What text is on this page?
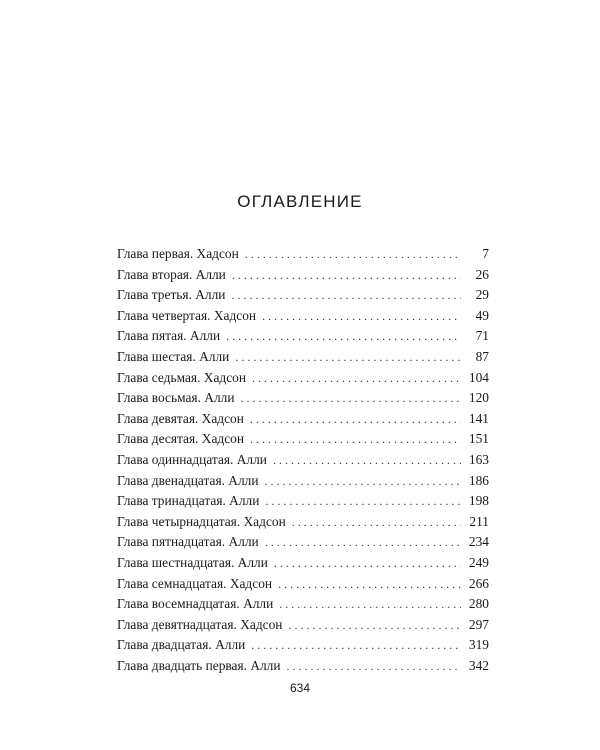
ОГЛАВЛЕНИЕ
Глава первая. Хадсон . . .	7
Глава вторая. Алли . . .	26
Глава третья. Алли . . .	29
Глава четвертая. Хадсон . . .	49
Глава пятая. Алли . . .	71
Глава шестая. Алли . . .	87
Глава седьмая. Хадсон . . .	104
Глава восьмая. Алли . . .	120
Глава девятая. Хадсон . . .	141
Глава десятая. Хадсон . . .	151
Глава одиннадцатая. Алли . . .	163
Глава двенадцатая. Алли . . .	186
Глава тринадцатая. Алли . . .	198
Глава четырнадцатая. Хадсон . . .	211
Глава пятнадцатая. Алли . . .	234
Глава шестнадцатая. Алли . . .	249
Глава семнадцатая. Хадсон . . .	266
Глава восемнадцатая. Алли . . .	280
Глава девятнадцатая. Хадсон . . .	297
Глава двадцатая. Алли . . .	319
Глава двадцать первая. Алли . . .	342
634
